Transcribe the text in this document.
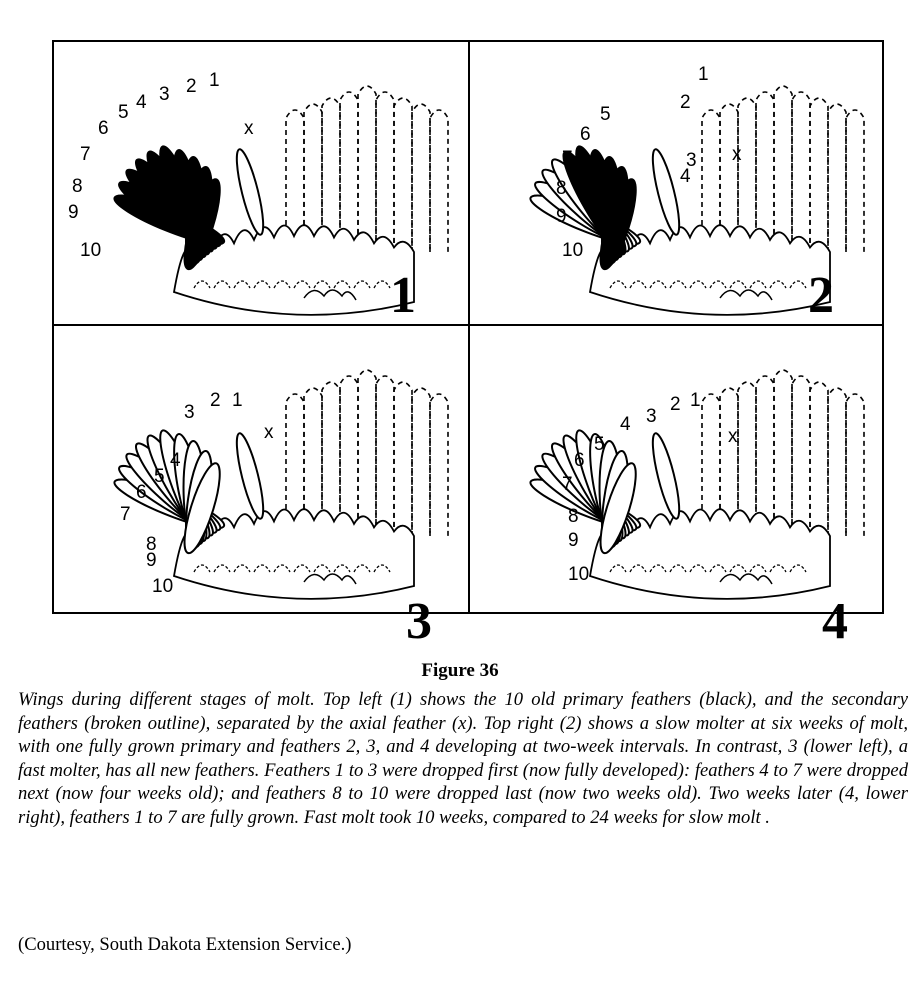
1
2
3
4
5
6
7
8
9
10
x
1
1
2
3
4
5
6
7
8
9
10
x
2
1
2
3
4
5
6
7
8
9
10
x
3
1
2
3
4
5
6
7
8
9
10
x
4
Figure 36
Wings during different stages of molt. Top left (1) shows the 10 old primary feathers (black), and the secondary feathers (broken outline), separated by the axial feather (x). Top right (2) shows a slow molter at six weeks of molt, with one fully grown primary and feathers 2, 3, and 4 developing at two-week intervals. In contrast, 3 (lower left), a fast molter, has all new feathers. Feathers 1 to 3 were dropped first (now fully developed): feathers 4 to 7 were dropped next (now four weeks old); and feathers 8 to 10 were dropped last (now two weeks old). Two weeks later (4, lower right), feathers 1 to 7 are fully grown. Fast molt took 10 weeks, compared to 24 weeks for slow molt .
(Courtesy, South Dakota Extension Service.)
